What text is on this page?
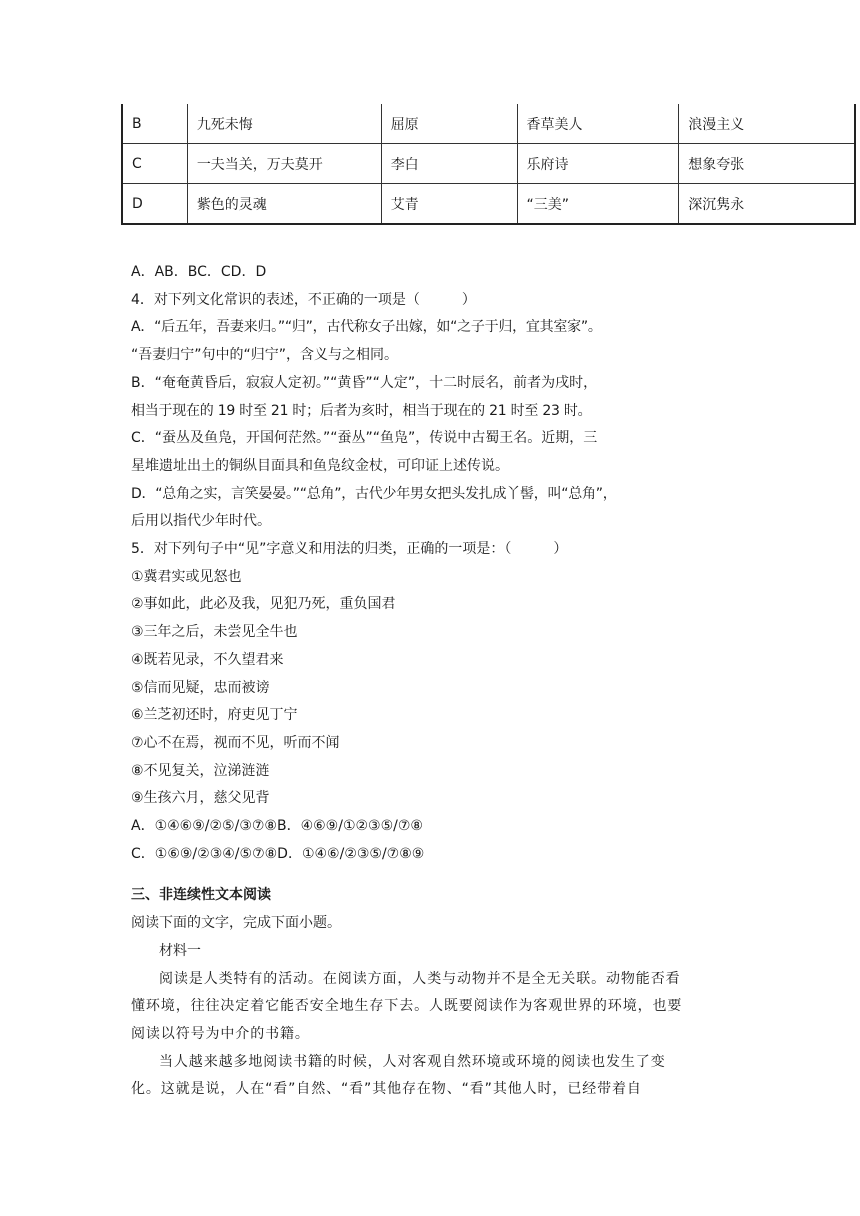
B	九死未悔	屈原	香草美人	浪漫主义
C	一夫当关，万夫莫开	李白	乐府诗	想象夸张
D	紫色的灵魂	艾青	“三美”	深沉隽永

A．AB．BC．CD．D

4．对下列文化常识的表述，不正确的一项是（　　　）

A．“后五年，吾妻来归。”“归”，古代称女子出嫁，如“之子于归，宜其室家”。

“吾妻归宁”句中的“归宁”，含义与之相同。

B．“奄奄黄昏后，寂寂人定初。”“黄昏”“人定”，十二时辰名，前者为戌时，

相当于现在的 19 时至 21 时；后者为亥时，相当于现在的 21 时至 23 时。

C．“蚕丛及鱼凫，开国何茫然。”“蚕丛”“鱼凫”，传说中古蜀王名。近期，三

星堆遗址出土的铜纵目面具和鱼凫纹金杖，可印证上述传说。

D．“总角之实，言笑晏晏。”“总角”，古代少年男女把头发扎成丫髻，叫“总角”，

后用以指代少年时代。

5．对下列句子中“见”字意义和用法的归类，正确的一项是：（　　　）

①冀君实或见怒也

②事如此，此必及我，见犯乃死，重负国君

③三年之后，未尝见全牛也

④既若见录，不久望君来

⑤信而见疑，忠而被谤

⑥兰芝初还时，府吏见丁宁

⑦心不在焉，视而不见，听而不闻

⑧不见复关，泣涕涟涟

⑨生孩六月，慈父见背

A．①④⑥⑨/②⑤/③⑦⑧B．④⑥⑨/①②③⑤/⑦⑧

C．①⑥⑨/②③④/⑤⑦⑧D．①④⑥/②③⑤/⑦⑧⑨

三、非连续性文本阅读

阅读下面的文字，完成下面小题。

材料一

阅读是人类特有的活动。在阅读方面，人类与动物并不是全无关联。动物能否看

懂环境，往往决定着它能否安全地生存下去。人既要阅读作为客观世界的环境，也要

阅读以符号为中介的书籍。

当人越来越多地阅读书籍的时候，人对客观自然环境或环境的阅读也发生了变

化。这就是说，人在“看”自然、“看”其他存在物、“看”其他人时，已经带着自
